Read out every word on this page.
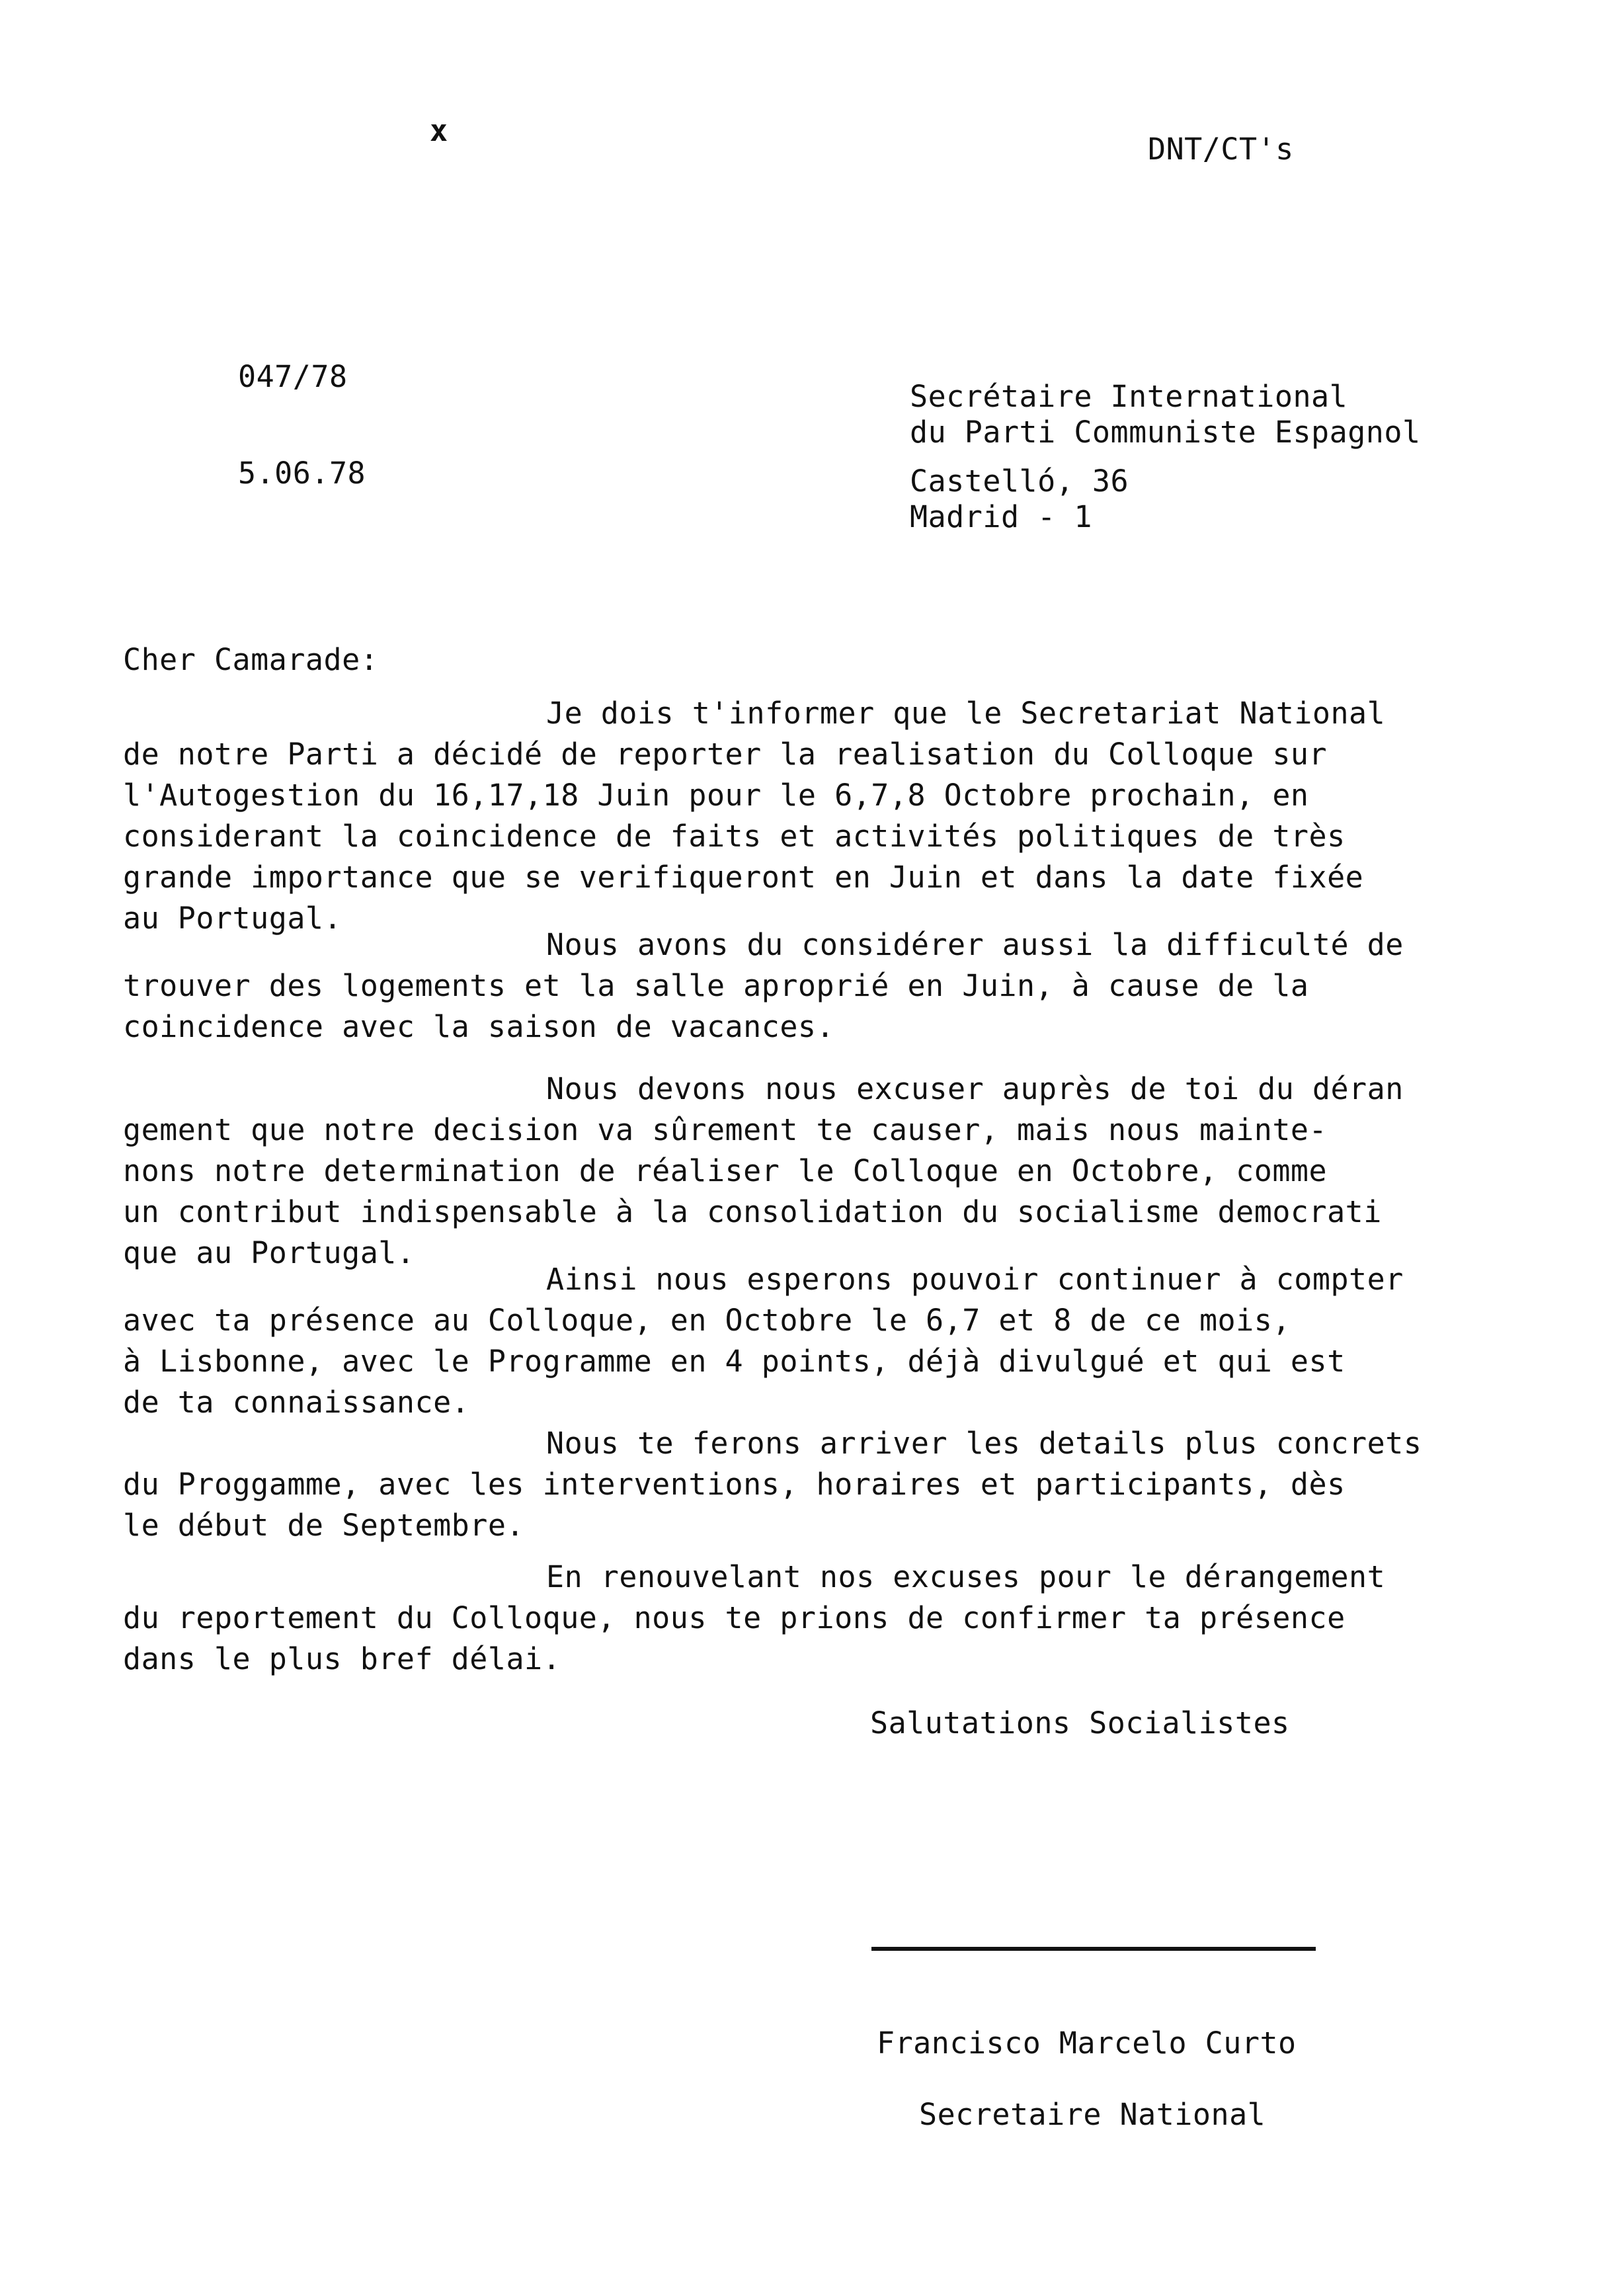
x
DNT/CT's
047/78
5.06.78
Secrétaire International
du Parti Communiste Espagnol
Castelló, 36
Madrid - 1
Cher Camarade:
Je dois t'informer que le Secretariat National
de notre Parti a décidé de reporter la realisation du Colloque sur
l'Autogestion du 16,17,18 Juin pour le 6,7,8 Octobre prochain, en
considerant la coincidence de faits et activités politiques de très
grande importance que se verifiqueront en Juin et dans la date fixée
au Portugal.
Nous avons du considérer aussi la difficulté de
trouver des logements et la salle aproprié en Juin, à cause de la
coincidence avec la saison de vacances.
Nous devons nous excuser auprès de toi du déran
gement que notre decision va sûrement te causer, mais nous mainte-
nons notre determination de réaliser le Colloque en Octobre, comme
un contribut indispensable à la consolidation du socialisme democrati
que au Portugal.
Ainsi nous esperons pouvoir continuer à compter
avec ta présence au Colloque, en Octobre le 6,7 et 8 de ce mois,
à Lisbonne, avec le Programme en 4 points, déjà divulgué et qui est
de ta connaissance.
Nous te ferons arriver les details plus concrets
du Proggamme, avec les interventions, horaires et participants, dès
le début de Septembre.
En renouvelant nos excuses pour le dérangement
du reportement du Colloque, nous te prions de confirmer ta présence
dans le plus bref délai.
Salutations Socialistes
Francisco Marcelo Curto
Secretaire National
